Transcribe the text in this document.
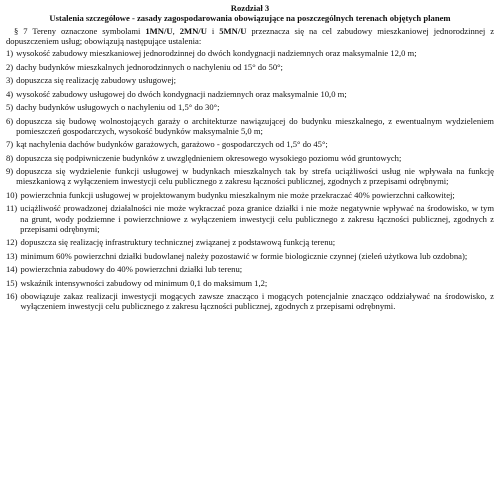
Rozdział 3

Ustalenia szczegółowe - zasady zagospodarowania obowiązujące na poszczególnych terenach objętych planem

§ 7 Tereny oznaczone symbolami 1MN/U, 2MN/U i 5MN/U przeznacza się na cel zabudowy mieszkaniowej jednorodzinnej z dopuszczeniem usług; obowiązują następujące ustalenia:

1) wysokość zabudowy mieszkaniowej jednorodzinnej do dwóch kondygnacji nadziemnych oraz maksymalnie 12,0 m;
2) dachy budynków mieszkalnych jednorodzinnych o nachyleniu od 15° do 50°;
3) dopuszcza się realizację zabudowy usługowej;
4) wysokość zabudowy usługowej do dwóch kondygnacji nadziemnych oraz maksymalnie 10,0 m;
5) dachy budynków usługowych o nachyleniu od 1,5° do 30°;
6) dopuszcza się budowę wolnostojących garaży o architekturze nawiązującej do budynku mieszkalnego, z ewentualnym wydzieleniem pomieszczeń gospodarczych, wysokość budynków maksymalnie 5,0 m;
7) kąt nachylenia dachów budynków garażowych, garażowo - gospodarczych od 1,5° do 45°;
8) dopuszcza się podpiwniczenie budynków z uwzględnieniem okresowego wysokiego poziomu wód gruntowych;
9) dopuszcza się wydzielenie funkcji usługowej w budynkach mieszkalnych tak by strefa uciążliwości usług nie wpływała na funkcję mieszkaniową z wyłączeniem inwestycji celu publicznego z zakresu łączności publicznej, zgodnych z przepisami odrębnymi;
10) powierzchnia funkcji usługowej w projektowanym budynku mieszkalnym nie może przekraczać 40% powierzchni całkowitej;
11) uciążliwość prowadzonej działalności nie może wykraczać poza granice działki i nie może negatywnie wpływać na środowisko, w tym na grunt, wody podziemne i powierzchniowe z wyłączeniem inwestycji celu publicznego z zakresu łączności publicznej, zgodnych z przepisami odrębnymi;
12) dopuszcza się realizację infrastruktury technicznej związanej z podstawową funkcją terenu;
13) minimum 60% powierzchni działki budowlanej należy pozostawić w formie biologicznie czynnej (zieleń użytkowa lub ozdobna);
14) powierzchnia zabudowy do 40% powierzchni działki lub terenu;
15) wskaźnik intensywności zabudowy od minimum 0,1 do maksimum 1,2;
16) obowiązuje zakaz realizacji inwestycji mogących zawsze znacząco i mogących potencjalnie znacząco oddziaływać na środowisko, z wyłączeniem inwestycji celu publicznego z zakresu łączności publicznej, zgodnych z przepisami odrębnymi.
